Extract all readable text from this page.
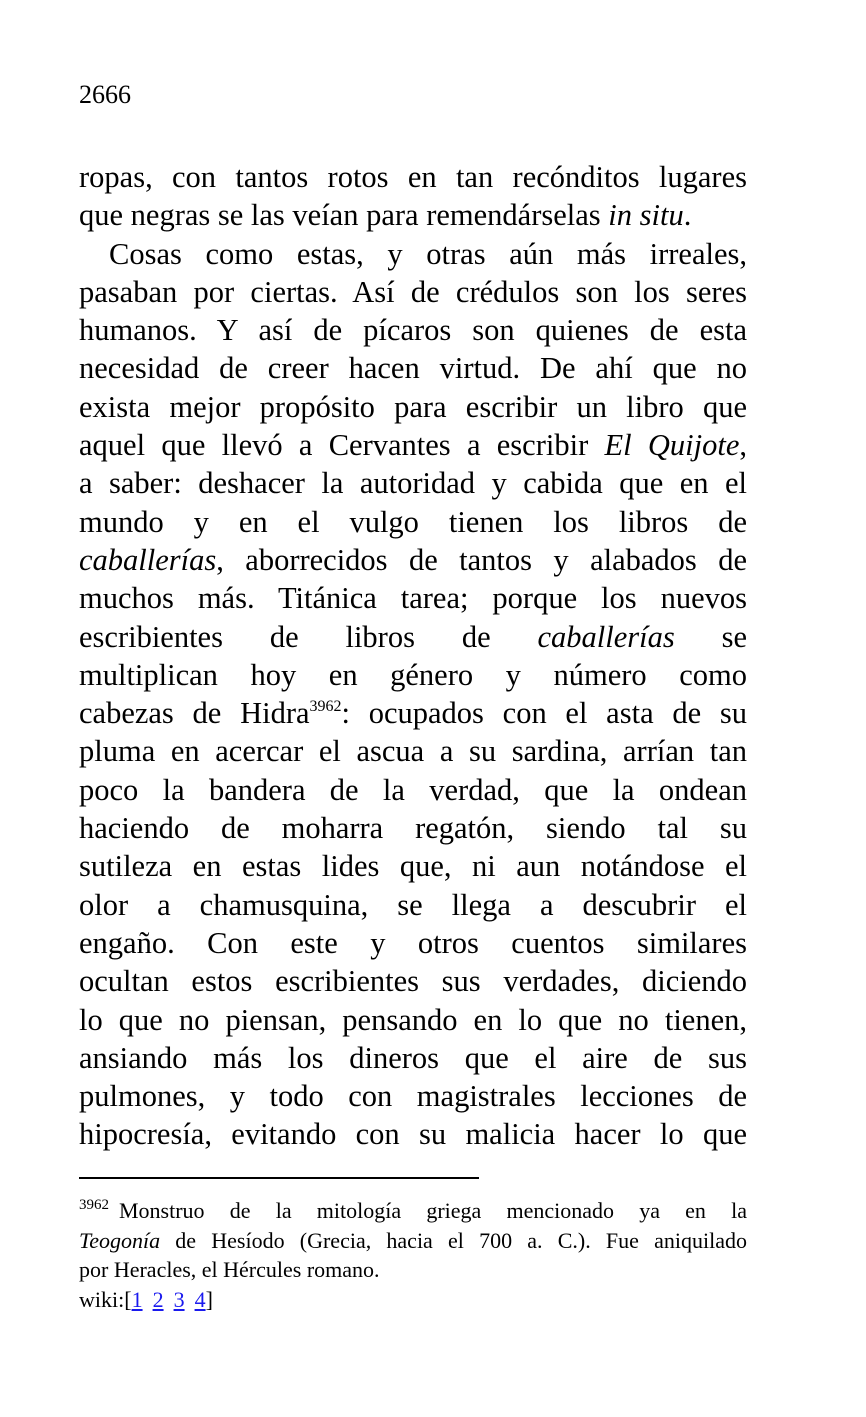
2666
ropas, con tantos rotos en tan recónditos lugares
que negras se las veían para remendárselas in situ.
Cosas como estas, y otras aún más irreales,
pasaban por ciertas. Así de crédulos son los seres
humanos. Y así de pícaros son quienes de esta
necesidad de creer hacen virtud. De ahí que no
exista mejor propósito para escribir un libro que
aquel que llevó a Cervantes a escribir El Quijote,
a saber: deshacer la autoridad y cabida que en el
mundo y en el vulgo tienen los libros de
caballerías, aborrecidos de tantos y alabados de
muchos más. Titánica tarea; porque los nuevos
escribientes de libros de caballerías se
multiplican hoy en género y número como
cabezas de Hidra$^{3962}$: ocupados con el asta de su
pluma en acercar el ascua a su sardina, arrían tan
poco la bandera de la verdad, que la ondean
haciendo de moharra regatón, siendo tal su
sutileza en estas lides que, ni aun notándose el
olor a chamusquina, se llega a descubrir el
engaño. Con este y otros cuentos similares
ocultan estos escribientes sus verdades, diciendo
lo que no piensan, pensando en lo que no tienen,
ansiando más los dineros que el aire de sus
pulmones, y todo con magistrales lecciones de
hipocresía, evitando con su malicia hacer lo que
$^{3962}$ Monstruo de la mitología griega mencionado ya en la
Teogonía de Hesíodo (Grecia, hacia el 700 a. C.). Fue aniquilado
por Heracles, el Hércules romano.
wiki:[1 2 3 4]
